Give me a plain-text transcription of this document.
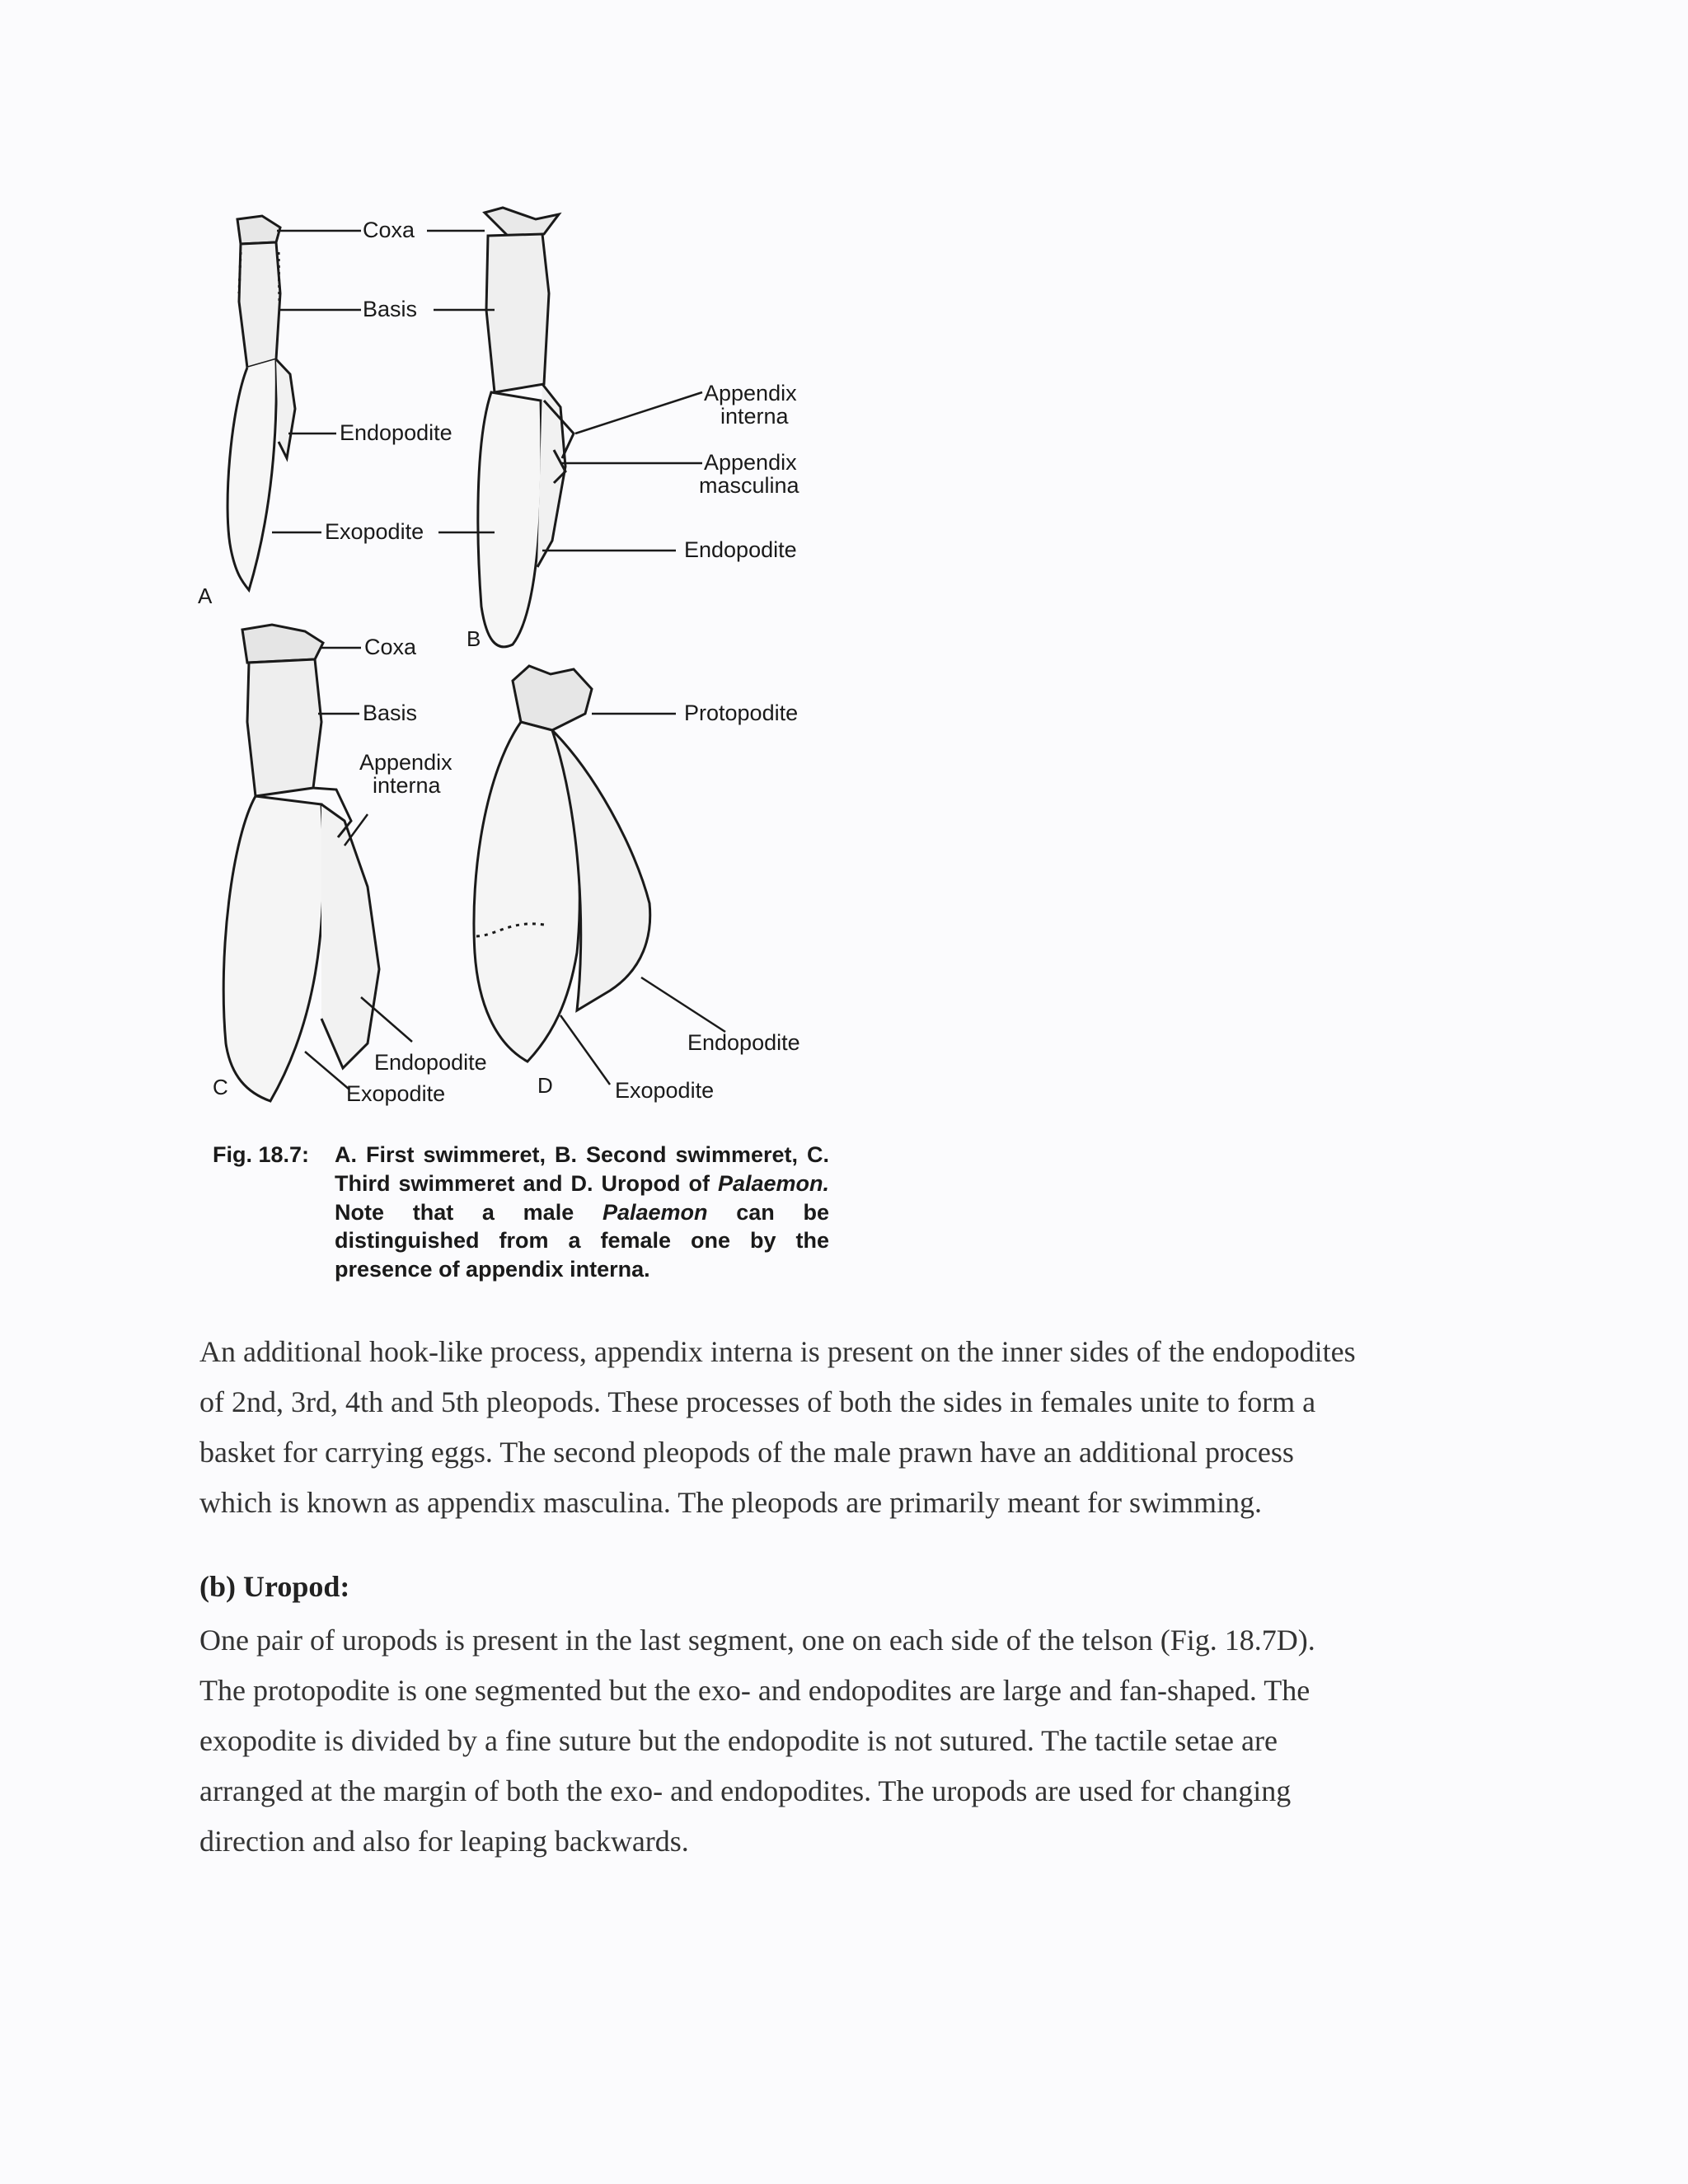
Coxa
Basis
Endopodite
Exopodite
Appendix
interna
Appendix
masculina
Endopodite
Coxa
Basis
Appendix
interna
Endopodite
Exopodite
Protopodite
Endopodite
Exopodite
A
B
C	D
Fig. 18.7: A. First swimmeret, B. Second swimmeret, C. Third swimmeret and D. Uropod of Palaemon. Note that a male Palaemon can be distinguished from a female one by the presence of appendix interna.
An additional hook-like process, appendix interna is present on the inner sides of the endopodites
of 2nd, 3rd, 4th and 5th pleopods. These processes of both the sides in females unite to form a
basket for carrying eggs. The second pleopods of the male prawn have an additional process
which is known as appendix masculina. The pleopods are primarily meant for swimming.
(b) Uropod:
One pair of uropods is present in the last segment, one on each side of the telson (Fig. 18.7D).
The protopodite is one segmented but the exo- and endopodites are large and fan-shaped. The
exopodite is divided by a fine suture but the endopodite is not sutured. The tactile setae are
arranged at the margin of both the exo- and endopodites. The uropods are used for changing
direction and also for leaping backwards.
